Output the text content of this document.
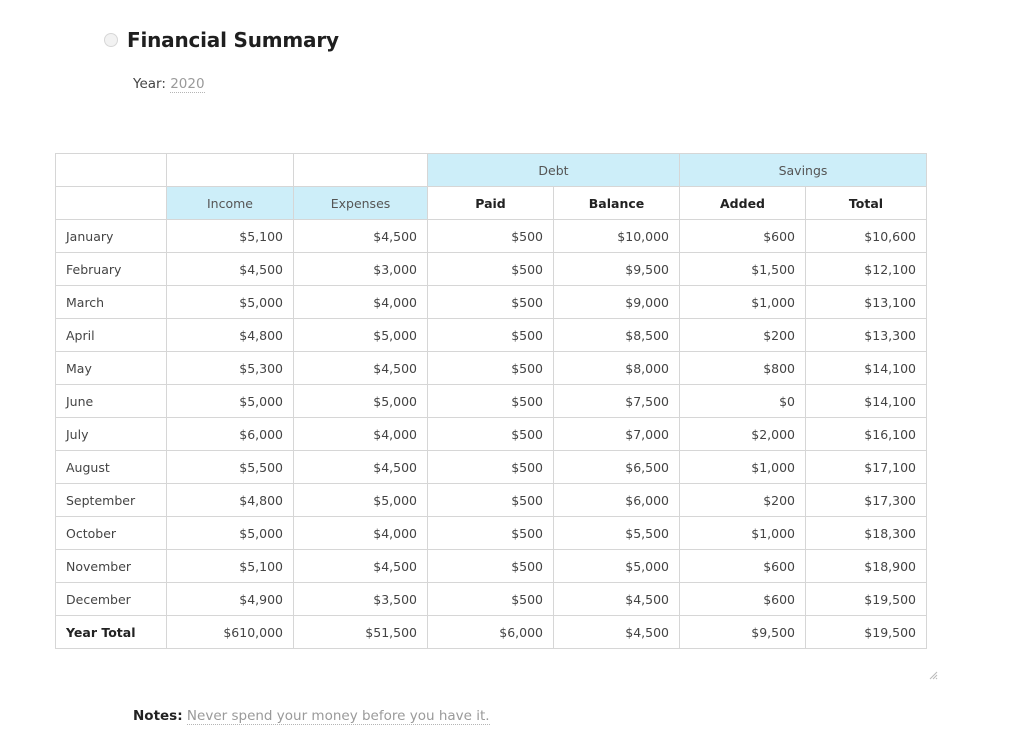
Financial Summary
Year: 2020
			Debt		Savings	
	Income	Expenses	Paid	Balance	Added	Total
January	$5,100	$4,500	$500	$10,000	$600	$10,600
February	$4,500	$3,000	$500	$9,500	$1,500	$12,100
March	$5,000	$4,000	$500	$9,000	$1,000	$13,100
April	$4,800	$5,000	$500	$8,500	$200	$13,300
May	$5,300	$4,500	$500	$8,000	$800	$14,100
June	$5,000	$5,000	$500	$7,500	$0	$14,100
July	$6,000	$4,000	$500	$7,000	$2,000	$16,100
August	$5,500	$4,500	$500	$6,500	$1,000	$17,100
September	$4,800	$5,000	$500	$6,000	$200	$17,300
October	$5,000	$4,000	$500	$5,500	$1,000	$18,300
November	$5,100	$4,500	$500	$5,000	$600	$18,900
December	$4,900	$3,500	$500	$4,500	$600	$19,500
Year Total	$610,000	$51,500	$6,000	$4,500	$9,500	$19,500
Notes: Never spend your money before you have it.
